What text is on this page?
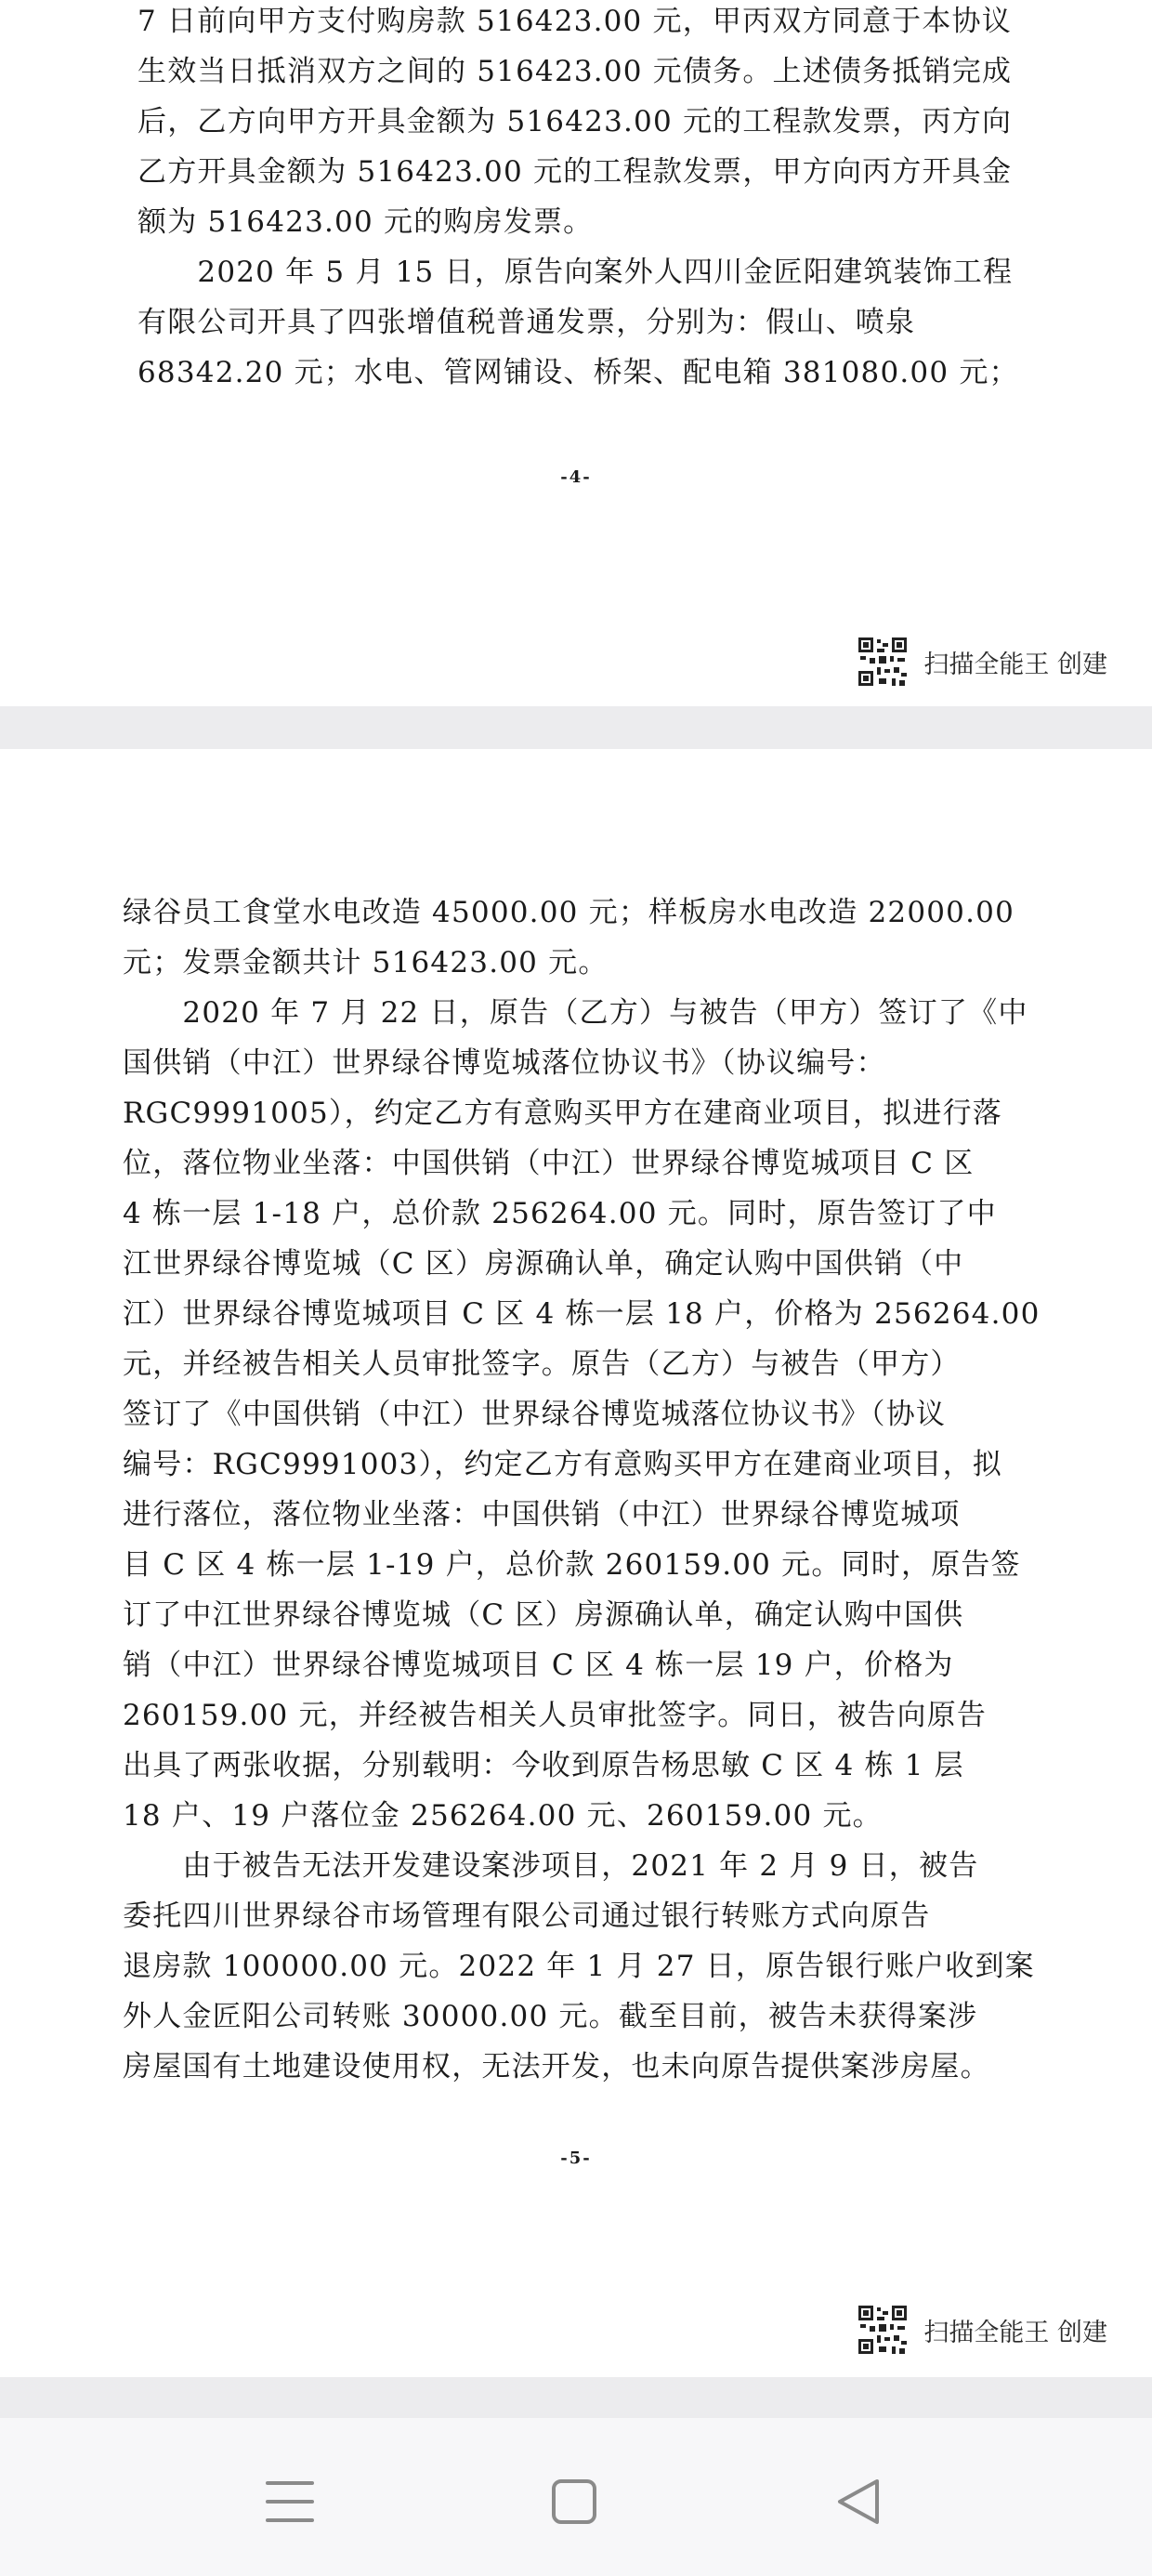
7 日前向甲方支付购房款 516423.00 元，甲丙双方同意于本协议
生效当日抵消双方之间的 516423.00 元债务。上述债务抵销完成
后，乙方向甲方开具金额为 516423.00 元的工程款发票，丙方向
乙方开具金额为 516423.00 元的工程款发票，甲方向丙方开具金
额为 516423.00 元的购房发票。
　　2020 年 5 月 15 日，原告向案外人四川金匠阳建筑装饰工程
有限公司开具了四张增值税普通发票，分别为：假山、喷泉
68342.20 元；水电、管网铺设、桥架、配电箱 381080.00 元；
-4-
扫描全能王 创建
绿谷员工食堂水电改造 45000.00 元；样板房水电改造 22000.00
元；发票金额共计 516423.00 元。
　　2020 年 7 月 22 日，原告（乙方）与被告（甲方）签订了《中
国供销（中江）世界绿谷博览城落位协议书》（协议编号：
RGC9991005），约定乙方有意购买甲方在建商业项目，拟进行落
位，落位物业坐落：中国供销（中江）世界绿谷博览城项目 C 区
4 栋一层 1-18 户，总价款 256264.00 元。同时，原告签订了中
江世界绿谷博览城（C 区）房源确认单，确定认购中国供销（中
江）世界绿谷博览城项目 C 区 4 栋一层 18 户，价格为 256264.00
元，并经被告相关人员审批签字。原告（乙方）与被告（甲方）
签订了《中国供销（中江）世界绿谷博览城落位协议书》（协议
编号：RGC9991003），约定乙方有意购买甲方在建商业项目，拟
进行落位，落位物业坐落：中国供销（中江）世界绿谷博览城项
目 C 区 4 栋一层 1-19 户，总价款 260159.00 元。同时，原告签
订了中江世界绿谷博览城（C 区）房源确认单，确定认购中国供
销（中江）世界绿谷博览城项目 C 区 4 栋一层 19 户，价格为
260159.00 元，并经被告相关人员审批签字。同日，被告向原告
出具了两张收据，分别载明：今收到原告杨思敏 C 区 4 栋 1 层
18 户、19 户落位金 256264.00 元、260159.00 元。
　　由于被告无法开发建设案涉项目，2021 年 2 月 9 日，被告
委托四川世界绿谷市场管理有限公司通过银行转账方式向原告
退房款 100000.00 元。2022 年 1 月 27 日，原告银行账户收到案
外人金匠阳公司转账 30000.00 元。截至目前，被告未获得案涉
房屋国有土地建设使用权，无法开发，也未向原告提供案涉房屋。
-5-
扫描全能王 创建
